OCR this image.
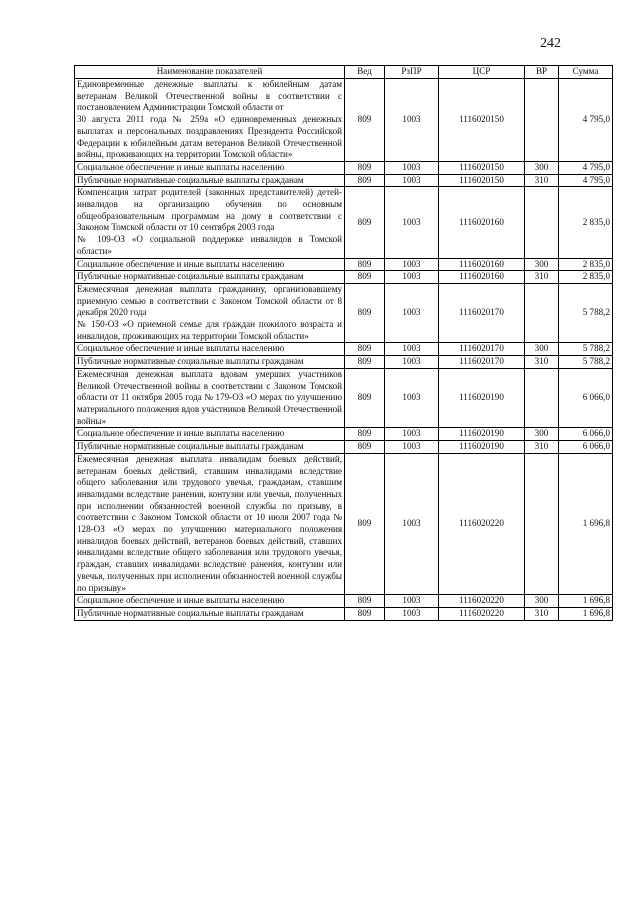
242
Наименование показателей	Вед	РзПР	ЦСР	ВР	Сумма

Единовременные денежные выплаты к юбилейным датам ветеранам Великой Отечественной войны в соответствии с постановлением Администрации Томской области от
30 августа 2011 года № 259а «О единовременных денежных выплатах и персональных поздравлениях Президента Российской Федерации к юбилейным датам ветеранов Великой Отечественной войны, проживающих на территории Томской области»	809	1003	1116020150		4 795,0
Социальное обеспечение и иные выплаты населению	809	1003	1116020150	300	4 795,0
Публичные нормативные социальные выплаты гражданам	809	1003	1116020150	310	4 795,0

Компенсация затрат родителей (законных представителей) детей-инвалидов на организацию обучения по основным общеобразовательным программам на дому в соответствии с Законом Томской области от 10 сентября 2003 года
№ 109-ОЗ «О социальной поддержке инвалидов в Томской области»	809	1003	1116020160		2 835,0
Социальное обеспечение и иные выплаты населению	809	1003	1116020160	300	2 835,0
Публичные нормативные социальные выплаты гражданам	809	1003	1116020160	310	2 835,0

Ежемесячная денежная выплата гражданину, организовавшему приемную семью в соответствии с Законом Томской области от 8 декабря 2020 года
№ 150-ОЗ «О приемной семье для граждан пожилого возраста и инвалидов, проживающих на территории Томской области»	809	1003	1116020170		5 788,2
Социальное обеспечение и иные выплаты населению	809	1003	1116020170	300	5 788,2
Публичные нормативные социальные выплаты гражданам	809	1003	1116020170	310	5 788,2

Ежемесячная денежная выплата вдовам умерших участников Великой Отечественной войны в соответствии с Законом Томской области от 11 октября 2005 года № 179-ОЗ «О мерах по улучшению материального положения вдов участников Великой Отечественной войны»	809	1003	1116020190		6 066,0
Социальное обеспечение и иные выплаты населению	809	1003	1116020190	300	6 066,0
Публичные нормативные социальные выплаты гражданам	809	1003	1116020190	310	6 066,0

Ежемесячная денежная выплата инвалидам боевых действий, ветеранам боевых действий, ставшим инвалидами вследствие общего заболевания или трудового увечья, гражданам, ставшим инвалидами вследствие ранения, контузии или увечья, полученных при исполнении обязанностей военной службы по призыву, в соответствии с Законом Томской области от 10 июля 2007 года № 128-ОЗ «О мерах по улучшению материального положения инвалидов боевых действий, ветеранов боевых действий, ставших инвалидами вследствие общего заболевания или трудового увечья, граждан, ставших инвалидами вследствие ранения, контузии или увечья, полученных при исполнении обязанностей военной службы по призыву»	809	1003	1116020220		1 696,8
Социальное обеспечение и иные выплаты населению	809	1003	1116020220	300	1 696,8
Публичные нормативные социальные выплаты гражданам	809	1003	1116020220	310	1 696,8
